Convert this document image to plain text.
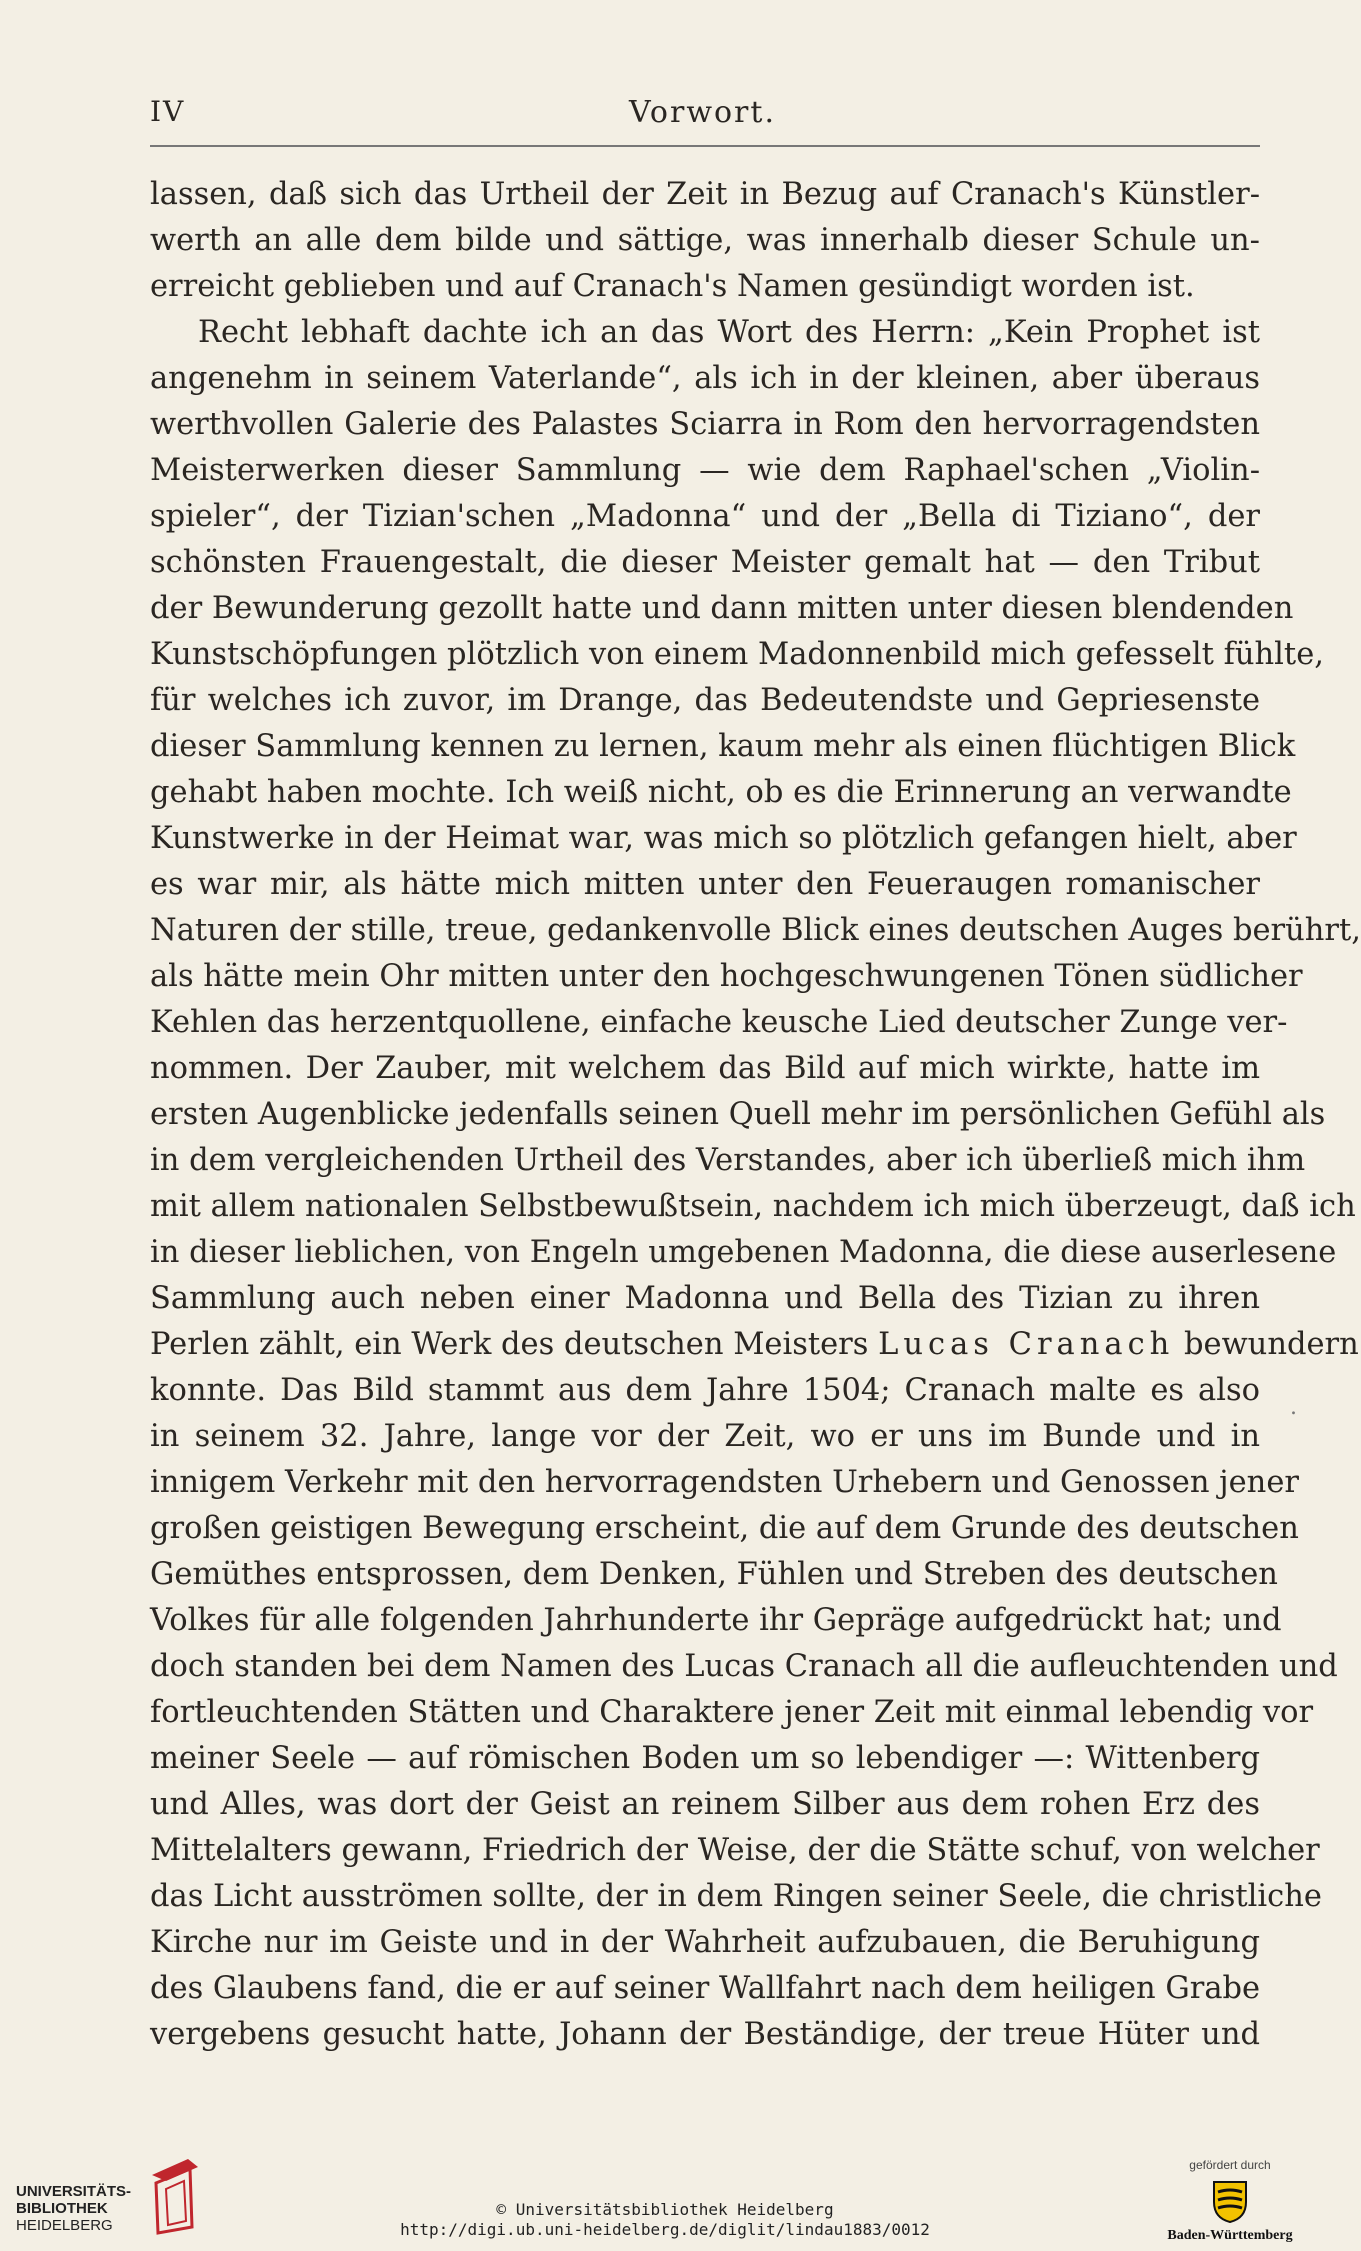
IV	Vorwort.
lassen, daß sich das Urtheil der Zeit in Bezug auf Cranach's Künstler-
werth an alle dem bilde und sättige, was innerhalb dieser Schule un-
erreicht geblieben und auf Cranach's Namen gesündigt worden ist.
Recht lebhaft dachte ich an das Wort des Herrn: „Kein Prophet ist
angenehm in seinem Vaterlande“, als ich in der kleinen, aber überaus
werthvollen Galerie des Palastes Sciarra in Rom den hervorragendsten
Meisterwerken dieser Sammlung — wie dem Raphael'schen „Violin-
spieler“, der Tizian'schen „Madonna“ und der „Bella di Tiziano“, der
schönsten Frauengestalt, die dieser Meister gemalt hat — den Tribut
der Bewunderung gezollt hatte und dann mitten unter diesen blendenden
Kunstschöpfungen plötzlich von einem Madonnenbild mich gefesselt fühlte,
für welches ich zuvor, im Drange, das Bedeutendste und Gepriesenste
dieser Sammlung kennen zu lernen, kaum mehr als einen flüchtigen Blick
gehabt haben mochte. Ich weiß nicht, ob es die Erinnerung an verwandte
Kunstwerke in der Heimat war, was mich so plötzlich gefangen hielt, aber
es war mir, als hätte mich mitten unter den Feueraugen romanischer
Naturen der stille, treue, gedankenvolle Blick eines deutschen Auges berührt,
als hätte mein Ohr mitten unter den hochgeschwungenen Tönen südlicher
Kehlen das herzentquollene, einfache keusche Lied deutscher Zunge ver-
nommen. Der Zauber, mit welchem das Bild auf mich wirkte, hatte im
ersten Augenblicke jedenfalls seinen Quell mehr im persönlichen Gefühl als
in dem vergleichenden Urtheil des Verstandes, aber ich überließ mich ihm
mit allem nationalen Selbstbewußtsein, nachdem ich mich überzeugt, daß ich
in dieser lieblichen, von Engeln umgebenen Madonna, die diese auserlesene
Sammlung auch neben einer Madonna und Bella des Tizian zu ihren
Perlen zählt, ein Werk des deutschen Meisters Lucas Cranach bewundern
konnte. Das Bild stammt aus dem Jahre 1504; Cranach malte es also
in seinem 32. Jahre, lange vor der Zeit, wo er uns im Bunde und in
innigem Verkehr mit den hervorragendsten Urhebern und Genossen jener
großen geistigen Bewegung erscheint, die auf dem Grunde des deutschen
Gemüthes entsprossen, dem Denken, Fühlen und Streben des deutschen
Volkes für alle folgenden Jahrhunderte ihr Gepräge aufgedrückt hat; und
doch standen bei dem Namen des Lucas Cranach all die aufleuchtenden und
fortleuchtenden Stätten und Charaktere jener Zeit mit einmal lebendig vor
meiner Seele — auf römischen Boden um so lebendiger —: Wittenberg
und Alles, was dort der Geist an reinem Silber aus dem rohen Erz des
Mittelalters gewann, Friedrich der Weise, der die Stätte schuf, von welcher
das Licht ausströmen sollte, der in dem Ringen seiner Seele, die christliche
Kirche nur im Geiste und in der Wahrheit aufzubauen, die Beruhigung
des Glaubens fand, die er auf seiner Wallfahrt nach dem heiligen Grabe
vergebens gesucht hatte, Johann der Beständige, der treue Hüter und
.
UNIVERSITÄTS-
BIBLIOTHEK
HEIDELBERG
© Universitätsbibliothek Heidelberg
http://digi.ub.uni-heidelberg.de/diglit/lindau1883/0012
gefördert durch
Baden-Württemberg
